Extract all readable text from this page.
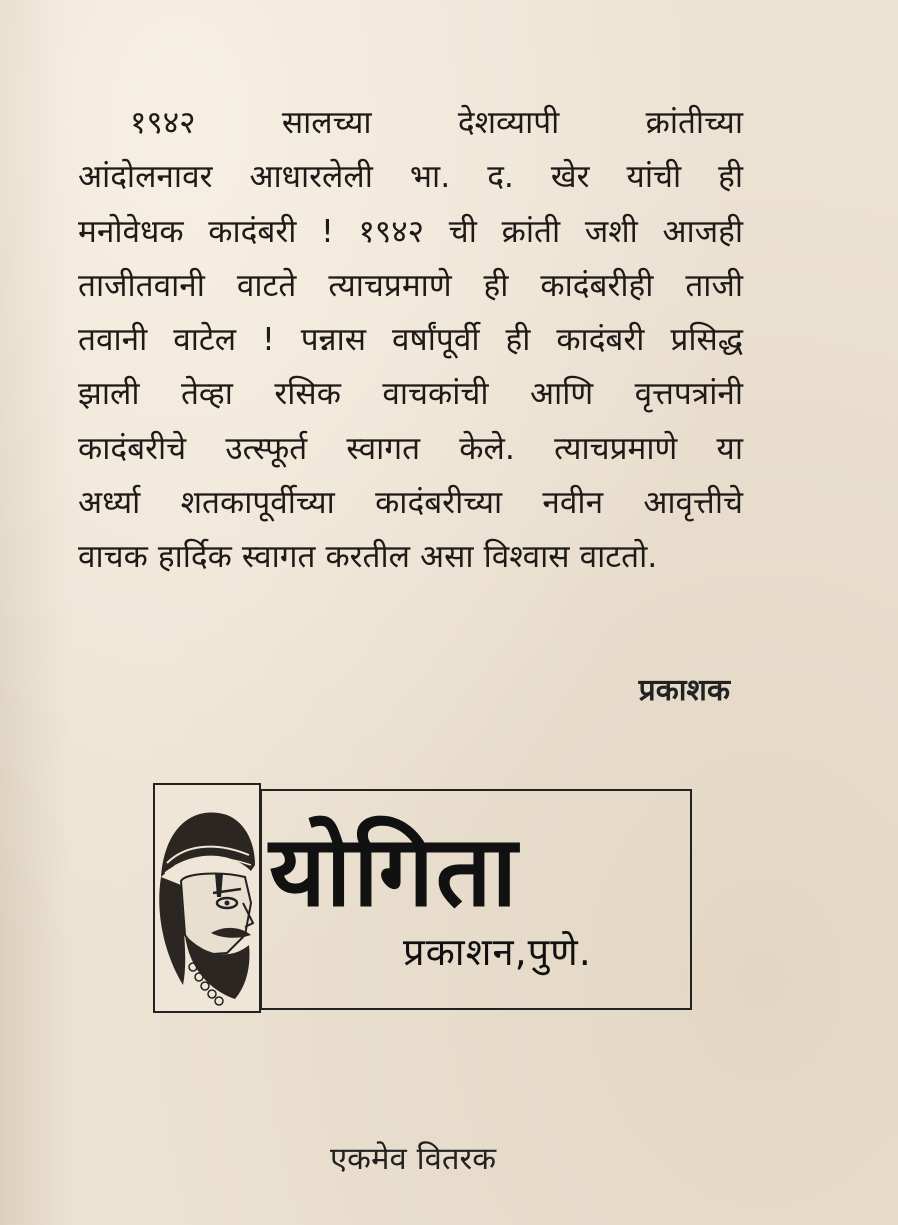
१९४२ सालच्या देशव्यापी क्रांतीच्या
आंदोलनावर आधारलेली भा. द. खेर यांची ही
मनोवेधक कादंबरी ! १९४२ ची क्रांती जशी आजही
ताजीतवानी वाटते त्याचप्रमाणे ही कादंबरीही ताजी
तवानी वाटेल ! पन्नास वर्षांपूर्वी ही कादंबरी प्रसिद्ध
झाली तेव्हा रसिक वाचकांची आणि वृत्तपत्रांनी
कादंबरीचे उत्स्फूर्त स्वागत केले. त्याचप्रमाणे या
अर्ध्या शतकापूर्वीच्या कादंबरीच्या नवीन आवृत्तीचे
वाचक हार्दिक स्वागत करतील असा विश्वास वाटतो.
प्रकाशक
योगिता
प्रकाशन,पुणे.
एकमेव वितरक
